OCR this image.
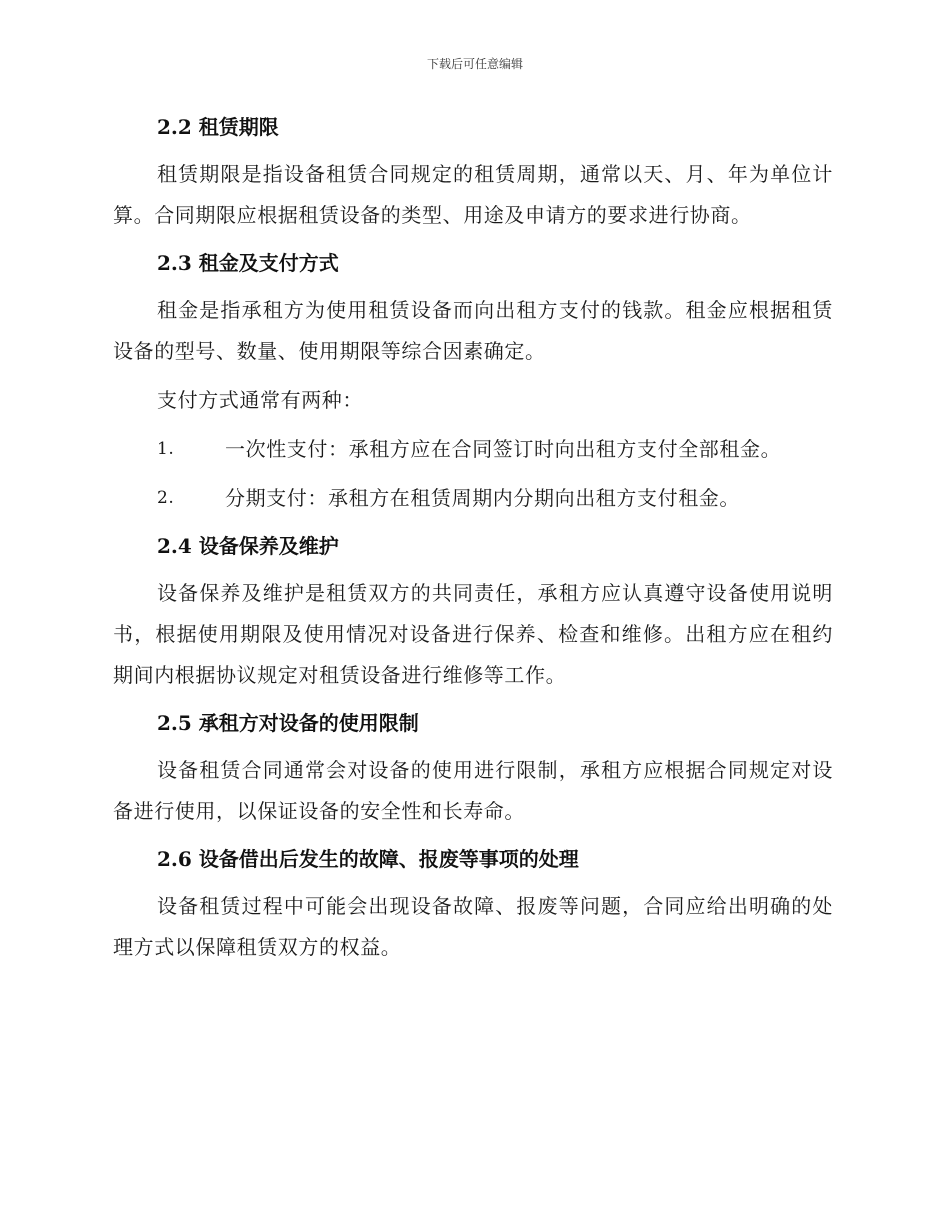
下载后可任意编辑
2.2 租赁期限

租赁期限是指设备租赁合同规定的租赁周期，通常以天、月、年为单位计算。合同期限应根据租赁设备的类型、用途及申请方的要求进行协商。

2.3 租金及支付方式

租金是指承租方为使用租赁设备而向出租方支付的钱款。租金应根据租赁设备的型号、数量、使用期限等综合因素确定。

支付方式通常有两种：

1.	一次性支付：承租方应在合同签订时向出租方支付全部租金。
2.	分期支付：承租方在租赁周期内分期向出租方支付租金。
2.4 设备保养及维护

设备保养及维护是租赁双方的共同责任，承租方应认真遵守设备使用说明书，根据使用期限及使用情况对设备进行保养、检查和维修。出租方应在租约期间内根据协议规定对租赁设备进行维修等工作。

2.5 承租方对设备的使用限制

设备租赁合同通常会对设备的使用进行限制，承租方应根据合同规定对设备进行使用，以保证设备的安全性和长寿命。

2.6 设备借出后发生的故障、报废等事项的处理

设备租赁过程中可能会出现设备故障、报废等问题，合同应给出明确的处理方式以保障租赁双方的权益。
